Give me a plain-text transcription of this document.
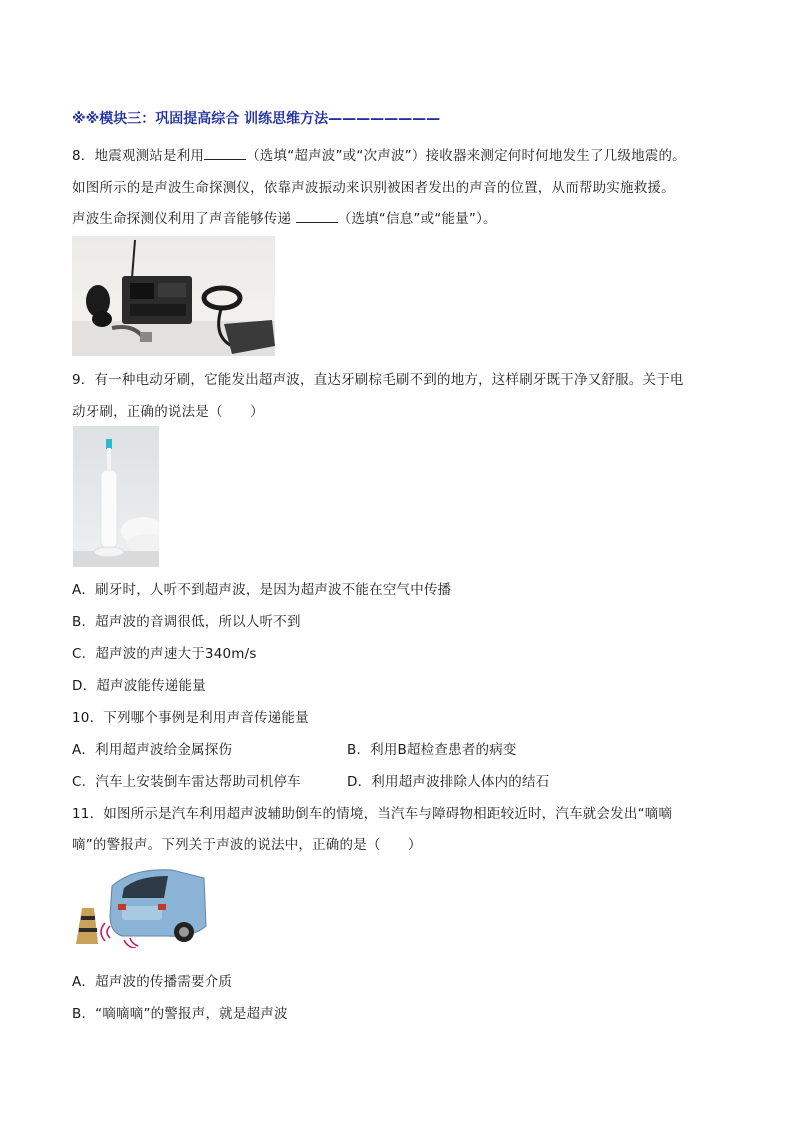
※※模块三：巩固提高综合 训练思维方法————————
8．地震观测站是利用	（选填“超声波”或“次声波”）接收器来测定何时何地发生了几级地震的。
如图所示的是声波生命探测仪，依靠声波振动来识别被困者发出的声音的位置，从而帮助实施救援。
声波生命探测仪利用了声音能够传递	（选填“信息”或“能量”）。
9．有一种电动牙刷，它能发出超声波，直达牙刷棕毛刷不到的地方，这样刷牙既干净又舒服。关于电
动牙刷，正确的说法是（　　）
A．刷牙时，人听不到超声波，是因为超声波不能在空气中传播
B．超声波的音调很低，所以人听不到
C．超声波的声速大于340m/s
D．超声波能传递能量
10．下列哪个事例是利用声音传递能量
A．利用超声波给金属探伤	B．利用B超检查患者的病变
C．汽车上安装倒车雷达帮助司机停车	D．利用超声波排除人体内的结石
11．如图所示是汽车利用超声波辅助倒车的情境，当汽车与障碍物相距较近时，汽车就会发出“嘀嘀
嘀”的警报声。下列关于声波的说法中，正确的是（　　）
A．超声波的传播需要介质
B．“嘀嘀嘀”的警报声，就是超声波
